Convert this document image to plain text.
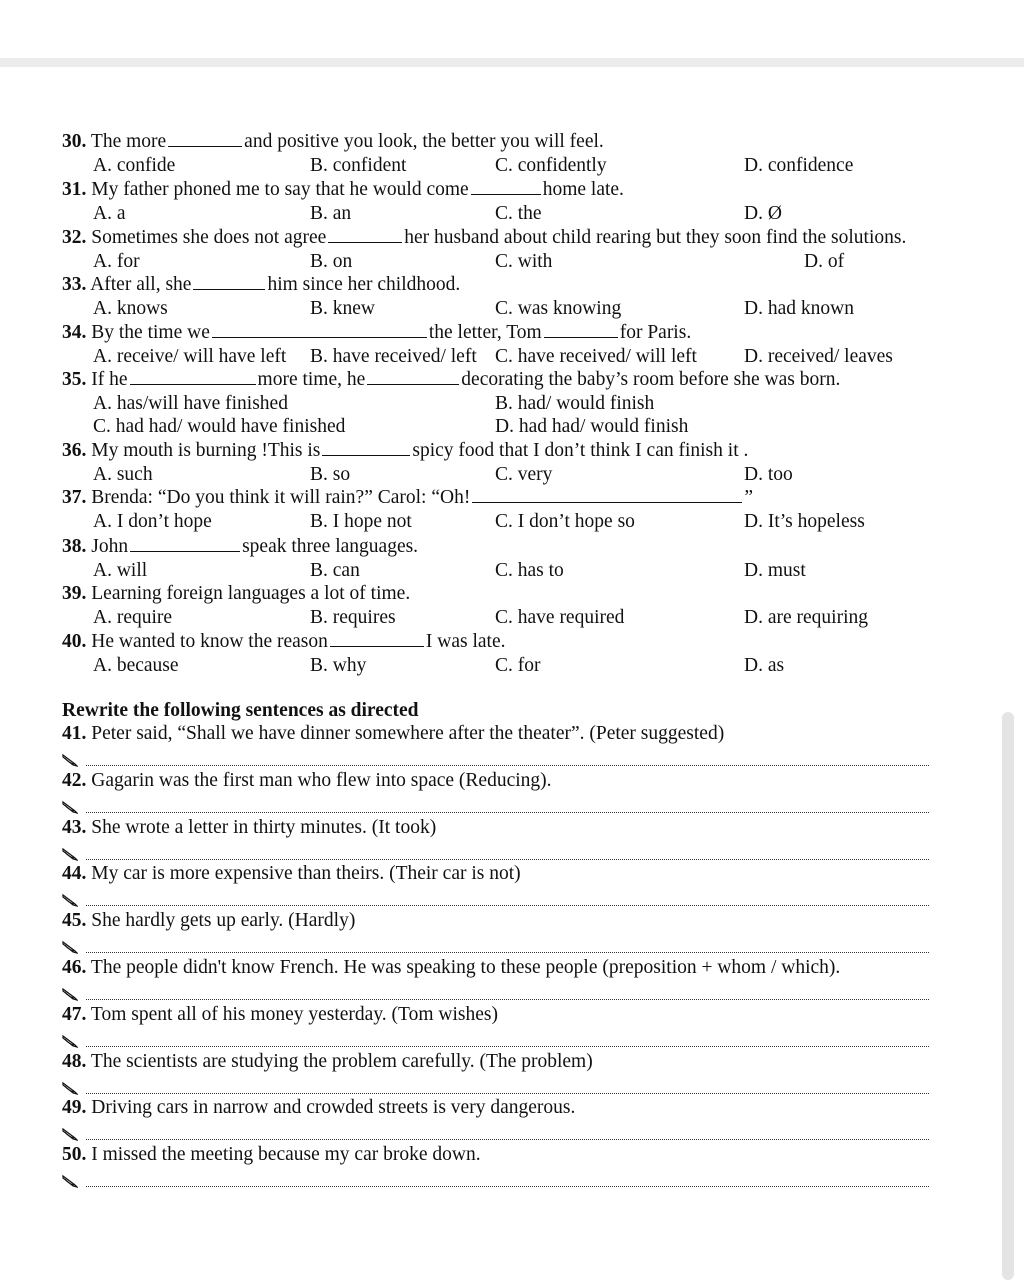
30. The more	and positive you look, the better you will feel.
A. confide	B. confident	C. confidently	D. confidence
31. My father phoned me to say that he would come	home late.
A. a	B. an	C. the	D. Ø
32. Sometimes she does not agree	her husband about child rearing but they soon find the solutions.
A. for	B. on	C. with	D. of
33. After all, she	him since her childhood.
A. knows	B. knew	C. was knowing	D. had known
34. By the time we	the letter, Tom	for Paris.
A. receive/ will have left B. have received/ left C. have received/ will left D. received/ leaves
35. If he	more time, he	decorating the baby’s room before she was born.
A. has/will have finished	B. had/ would finish
C. had had/ would have finished	D. had had/ would finish
36. My mouth is burning !This is	spicy food that I don’t think I can finish it .
A. such	B. so	C. very	D. too
37. Brenda: “Do you think it will rain?” Carol: “Oh!	”
A. I don’t hope	B. I hope not	C. I don’t hope so	D. It’s hopeless
38. John	speak three languages.
A. will	B. can	C. has to	D. must
39. Learning foreign languages a lot of time.
A. require	B. requires	C. have required	D. are requiring
40. He wanted to know the reason	I was late.
A. because	B. why	C. for	D. as
Rewrite the following sentences as directed
41. Peter said, “Shall we have dinner somewhere after the theater”. (Peter suggested)
42. Gagarin was the first man who flew into space (Reducing).
43. She wrote a letter in thirty minutes. (It took)
44. My car is more expensive than theirs. (Their car is not)
45. She hardly gets up early. (Hardly)
46. The people didn't know French. He was speaking to these people (preposition + whom / which).
47. Tom spent all of his money yesterday. (Tom wishes)
48. The scientists are studying the problem carefully. (The problem)
49. Driving cars in narrow and crowded streets is very dangerous.
50. I missed the meeting because my car broke down.
